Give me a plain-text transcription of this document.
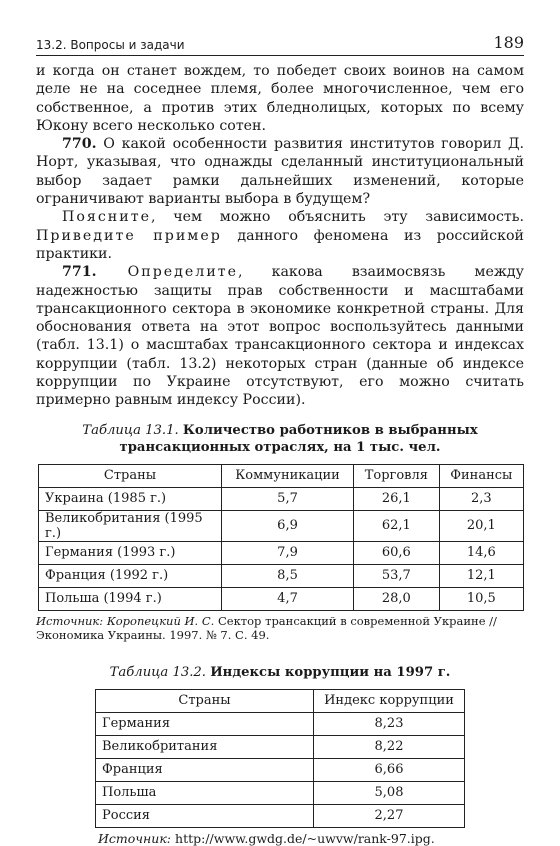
13.2. Вопросы и задачи	189

и когда он станет вождем, то победет своих воинов на самом деле не на соседнее племя, более многочисленное, чем его собственное, а против этих бледнолицых, которых по всему Юкону всего несколько сотен.

770. О какой особенности развития институтов говорил Д. Норт, указывая, что однажды сделанный институциональный выбор задает рамки дальнейших изменений, которые ограничивают варианты выбора в будущем?

Поясните, чем можно объяснить эту зависимость. Приведите пример данного феномена из российской практики.

771. Определите, какова взаимосвязь между надежностью защиты прав собственности и масштабами трансакционного сектора в экономике конкретной страны. Для обоснования ответа на этот вопрос воспользуйтесь данными (табл. 13.1) о масштабах трансакционного сектора и индексах коррупции (табл. 13.2) некоторых стран (данные об индексе коррупции по Украине отсутствуют, его можно считать примерно равным индексу России).

Таблица 13.1. Количество работников в выбранных трансакционных отраслях, на 1 тыс. чел.
Страны	Коммуникации	Торговля	Финансы
Украина (1985 г.)	5,7	26,1	2,3
Великобритания (1995 г.)	6,9	62,1	20,1
Германия (1993 г.)	7,9	60,6	14,6
Франция (1992 г.)	8,5	53,7	12,1
Польша (1994 г.)	4,7	28,0	10,5
Источник: Коропецкий И. С. Сектор трансакций в современной Украине // Экономика Украины. 1997. № 7. С. 49.
Таблица 13.2. Индексы коррупции на 1997 г.
Страны	Индекс коррупции
Германия	8,23
Великобритания	8,22
Франция	6,66
Польша	5,08
Россия	2,27
Источник: http://www.gwdg.de/~uwvw/rank-97.ipg.
